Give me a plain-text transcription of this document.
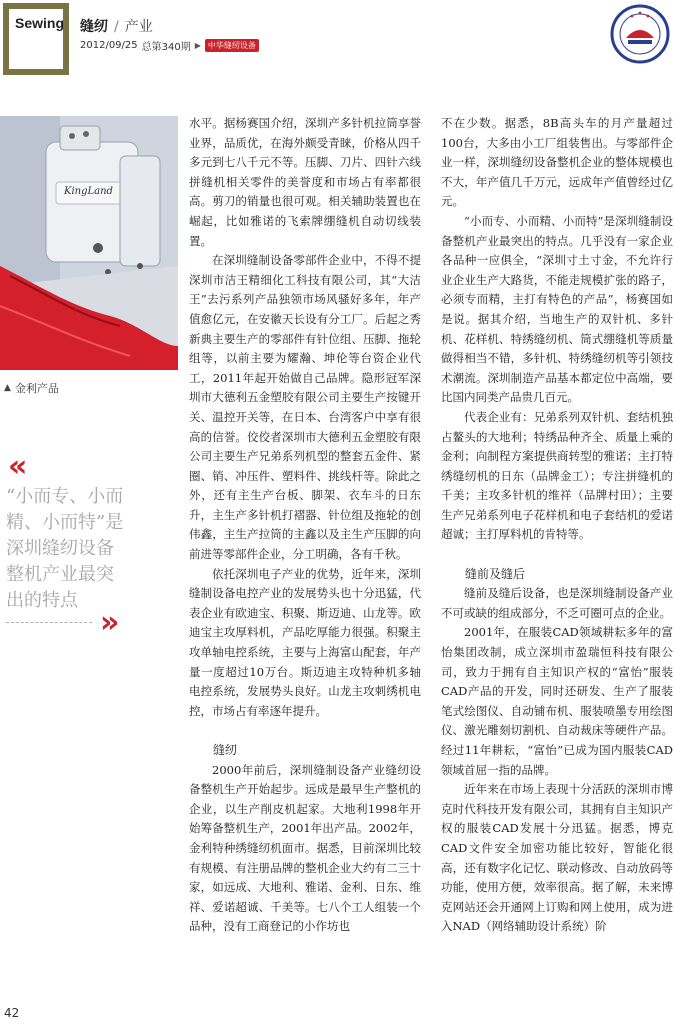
Sewing 缝纫 / 产业
2012/09/25 总第340期 ▶ 中华缝纫设备
KingLand
▲ 金利产品
«
“小而专、小而精、小而特”是深圳缝纫设备整机产业最突出的特点
»

水平。据杨赛国介绍，深圳产多针机拉筒享誉业界，品质优，在海外颇受青睐，价格从四千多元到七八千元不等。压脚、刀片、四针六线拼缝机相关零件的美誉度和市场占有率都很高。剪刀的销量也很可观。相关辅助装置也在崛起，比如雅诺的飞索牌绷缝机自动切线装置。

在深圳缝制设备零部件企业中，不得不提深圳市洁王精细化工科技有限公司，其“大洁王”去污系列产品独领市场风骚好多年，年产值愈亿元，在安徽天长设有分工厂。后起之秀新典主要生产的零部件有针位组、压脚、拖轮组等，以前主要为耀瀚、坤伦等台资企业代工，2011年起开始做自己品牌。隐形冠军深圳市大德利五金塑胶有限公司主要生产按键开关、温控开关等，在日本、台湾客户中享有很高的信誉。佼佼者深圳市大德利五金塑胶有限公司主要生产兄弟系列机型的整套五金件、紧圈、销、冲压件、塑料件、挑线杆等。除此之外，还有主生产台板、脚架、衣车斗的日东升，主生产多针机打褶器、针位组及拖轮的创伟鑫，主生产拉筒的主鑫以及主生产压脚的向前进等零部件企业，分工明确，各有千秋。

依托深圳电子产业的优势，近年来，深圳缝制设备电控产业的发展势头也十分迅猛，代表企业有欧迪宝、积聚、斯迈迪、山龙等。欧迪宝主攻厚料机，产品吃厚能力很强。积聚主攻单轴电控系统，主要与上海富山配套，年产量一度超过10万台。斯迈迪主攻特种机多轴电控系统，发展势头良好。山龙主攻刺绣机电控，市场占有率逐年提升。

缝纫

2000年前后，深圳缝制设备产业缝纫设备整机生产开始起步。远成是最早生产整机的企业，以生产削皮机起家。大地利1998年开始筹备整机生产，2001年出产品。2002年，金利特种绣缝纫机面市。据悉，目前深圳比较有规模、有注册品牌的整机企业大约有二三十家，如远成、大地利、雅诺、金利、日东、维祥、爱诺超诚、千美等。七八个工人组装一个品种，没有工商登记的小作坊也

不在少数。据悉，8B高头车的月产量超过100台，大多由小工厂组装售出。与零部件企业一样，深圳缝纫设备整机企业的整体规模也不大，年产值几千万元，远成年产值曾经过亿元。

“小而专、小而精、小而特”是深圳缝制设备整机产业最突出的特点。几乎没有一家企业各品种一应俱全，“深圳寸土寸金，不允许行业企业生产大路货，不能走规模扩张的路子，必须专而精，主打有特色的产品”，杨赛国如是说。据其介绍，当地生产的双针机、多针机、花样机、特绣缝纫机、筒式绷缝机等质量做得相当不错，多针机、特绣缝纫机等引领技术潮流。深圳制造产品基本都定位中高端，要比国内同类产品贵几百元。

代表企业有：兄弟系列双针机、套结机独占鳌头的大地利；特绣品种齐全、质量上乘的金利；向制程方案提供商转型的雅诺；主打特绣缝纫机的日东（品牌金工）；专注拼缝机的千美；主攻多针机的维祥（品牌村田）；主要生产兄弟系列电子花样机和电子套结机的爱诺超诚；主打厚料机的肯特等。

缝前及缝后

缝前及缝后设备，也是深圳缝制设备产业不可或缺的组成部分，不乏可圈可点的企业。

2001年，在服装CAD领域耕耘多年的富怡集团改制，成立深圳市盈瑞恒科技有限公司，致力于拥有自主知识产权的“富怡”服装CAD产品的开发，同时还研发、生产了服装笔式绘图仪、自动铺布机、服装喷墨专用绘图仪、激光雕刻切割机、自动裁床等硬件产品。经过11年耕耘，“富怡”已成为国内服装CAD领域首屈一指的品牌。

近年来在市场上表现十分活跃的深圳市博克时代科技开发有限公司，其拥有自主知识产权的服装CAD发展十分迅猛。据悉，博克CAD文件安全加密功能比较好，智能化很高，还有数字化记忆、联动修改、自动放码等功能，使用方便，效率很高。据了解，未来博克网站还会开通网上订购和网上使用，成为进入NAD（网络辅助设计系统）阶

42
